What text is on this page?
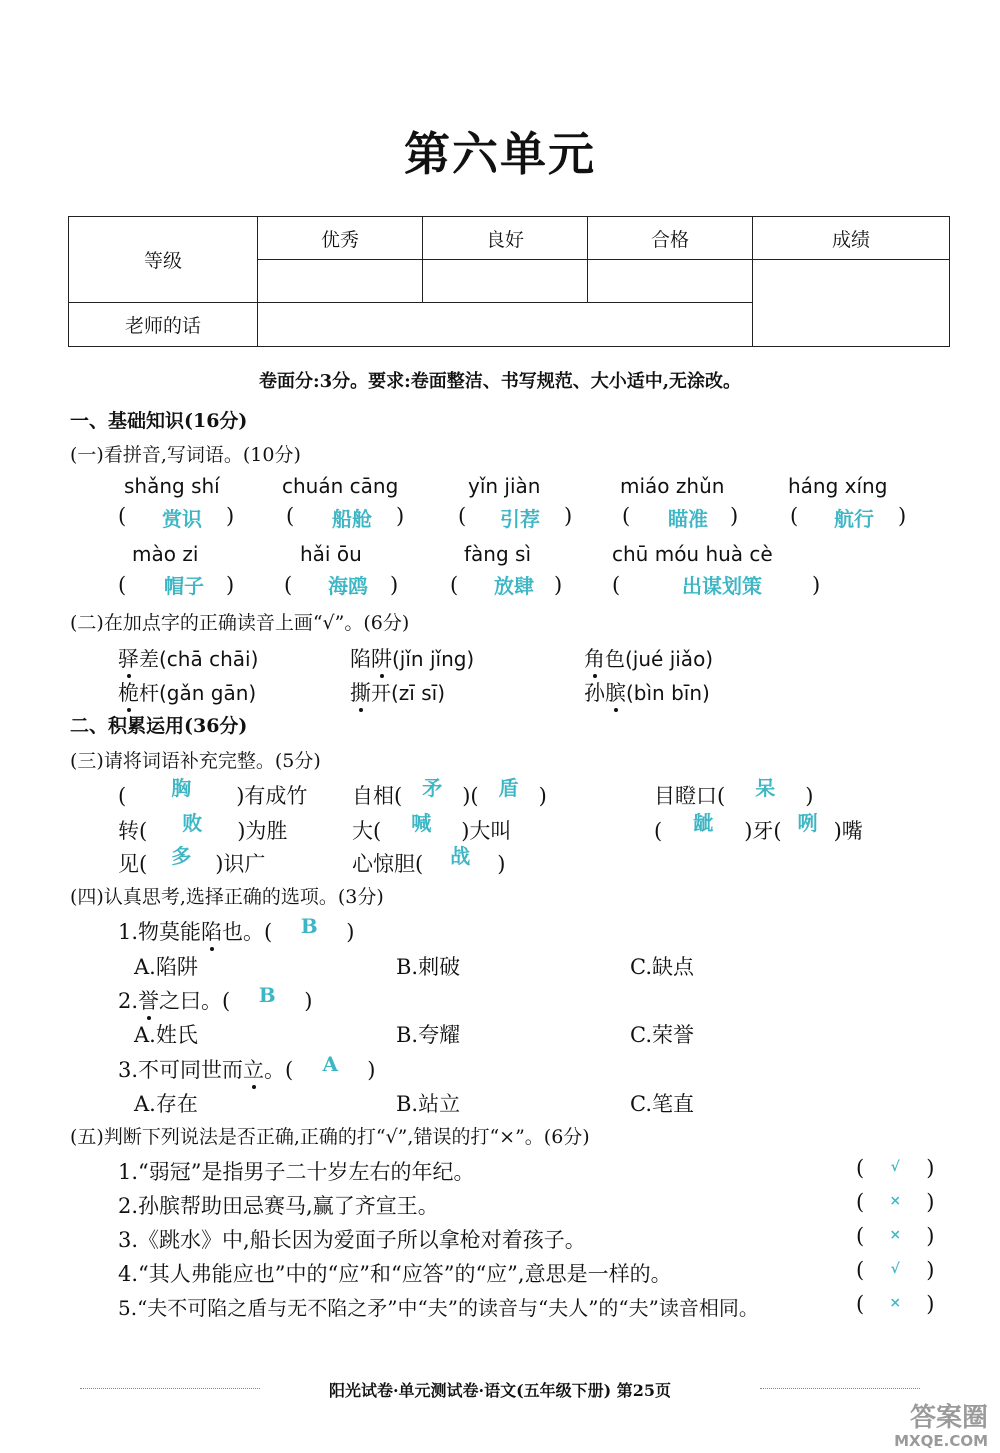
第六单元
等级	优秀	良好	合格	成绩

老师的话				
卷面分:3分。要求:卷面整洁、书写规范、大小适中,无涂改。
一、基础知识(16分)
(一)看拼音,写词语。(10分)
shǎng shí	chuán cāng	yǐn jiàn	miáo zhǔn	háng xíng
( 赏识 ) ( 船舱 )	( 引荐 ) ( 瞄准 ) ( 航行 )
mào zi	hǎi ōu	fàng sì	chū móu huà cè
( 帽子 ) ( 海鸥 ) ( 放肆 ) (	出谋划策 )
(二)在加点字的正确读音上画“√”。(6分)
驿差(chā chāi)	陷阱(jǐn jǐng)	角色(jué jiǎo)
桅杆(gǎn gān)	撕开(zī sī)	孙膑(bìn bīn)
二、积累运用(36分)
(三)请将词语补充完整。(5分)
( 胸 )有成竹 自相( 矛 )( 盾 )	目瞪口( 呆 )
转( 败 )为胜	大( 喊 )大叫	( 龇 )牙( 咧 )嘴
见( 多 )识广	心惊胆( 战 )
(四)认真思考,选择正确的选项。(3分)
1.物莫能陷也。( B )
A.陷阱	B.刺破	C.缺点
2.誉之曰。( B )
A.姓氏	B.夸耀	C.荣誉
3.不可同世而立。( A )
A.存在	B.站立	C.笔直
(五)判断下列说法是否正确,正确的打“√”,错误的打“×”。(6分)
1.“弱冠”是指男子二十岁左右的年纪。	( √ )
2.孙膑帮助田忌赛马,赢了齐宣王。	( × )
3.《跳水》中,船长因为爱面子所以拿枪对着孩子。	( × )
4.“其人弗能应也”中的“应”和“应答”的“应”,意思是一样的。	( √ )
5.“夫不可陷之盾与无不陷之矛”中“夫”的读音与“夫人”的“夫”读音相同。	( × )
阳光试卷·单元测试卷·语文(五年级下册) 第25页
答案圈
MXQE.COM
